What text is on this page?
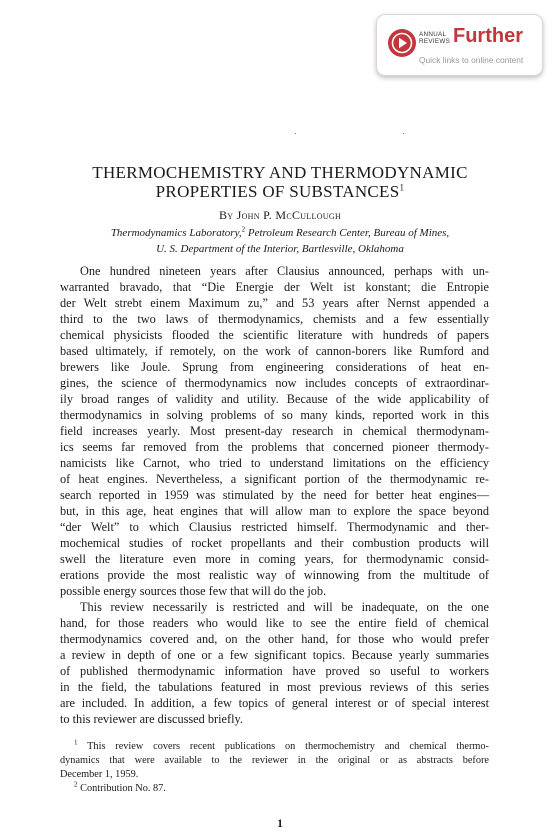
ANNUAL
REVIEWS Further
Quick links to online content
THERMOCHEMISTRY AND THERMODYNAMIC
PROPERTIES OF SUBSTANCES$^1$
By John P. McCullough
Thermodynamics Laboratory,$^2$ Petroleum Research Center, Bureau of Mines,
U. S. Department of the Interior, Bartlesville, Oklahoma
One hundred nineteen years after Clausius announced, perhaps with un-
warranted bravado, that “Die Energie der Welt ist konstant; die Entropie
der Welt strebt einem Maximum zu,” and 53 years after Nernst appended a
third to the two laws of thermodynamics, chemists and a few essentially
chemical physicists flooded the scientific literature with hundreds of papers
based ultimately, if remotely, on the work of cannon-borers like Rumford and
brewers like Joule. Sprung from engineering considerations of heat en-
gines, the science of thermodynamics now includes concepts of extraordinar-
ily broad ranges of validity and utility. Because of the wide applicability of
thermodynamics in solving problems of so many kinds, reported work in this
field increases yearly. Most present-day research in chemical thermodynam-
ics seems far removed from the problems that concerned pioneer thermody-
namicists like Carnot, who tried to understand limitations on the efficiency
of heat engines. Nevertheless, a significant portion of the thermodynamic re-
search reported in 1959 was stimulated by the need for better heat engines—
but, in this age, heat engines that will allow man to explore the space beyond
“der Welt” to which Clausius restricted himself. Thermodynamic and ther-
mochemical studies of rocket propellants and their combustion products will
swell the literature even more in coming years, for thermodynamic consid-
erations provide the most realistic way of winnowing from the multitude of
possible energy sources those few that will do the job.
This review necessarily is restricted and will be inadequate, on the one
hand, for those readers who would like to see the entire field of chemical
thermodynamics covered and, on the other hand, for those who would prefer
a review in depth of one or a few significant topics. Because yearly summaries
of published thermodynamic information have proved so useful to workers
in the field, the tabulations featured in most previous reviews of this series
are included. In addition, a few topics of general interest or of special interest
to this reviewer are discussed briefly.
$^1$ This review covers recent publications on thermochemistry and chemical thermo-
dynamics that were available to the reviewer in the original or as abstracts before
December 1, 1959.
$^2$ Contribution No. 87.
1
